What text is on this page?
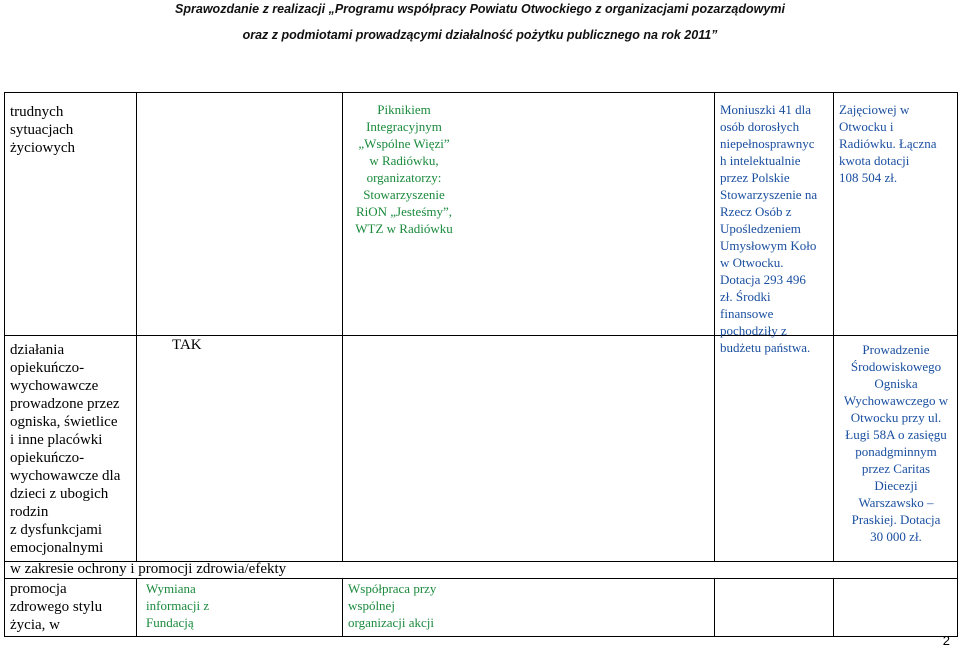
Sprawozdanie z realizacji „Programu współpracy Powiatu Otwockiego z organizacjami pozarządowymi
oraz z podmiotami prowadzącymi działalność pożytku publicznego na rok 2011”
trudnych
sytuacjach
życiowych
Piknikiem
Integracyjnym
„Wspólne Więzi”
w Radiówku,
organizatorzy:
Stowarzyszenie
RiON „Jesteśmy”,
WTZ w Radiówku
Moniuszki 41 dla
osób dorosłych
niepełnosprawnyc
h intelektualnie
przez Polskie
Stowarzyszenie na
Rzecz Osób z
Upośledzeniem
Umysłowym Koło
w Otwocku.
Dotacja 293 496
zł. Środki
finansowe
pochodziły z
budżetu państwa.
Zajęciowej w
Otwocku i
Radiówku. Łączna
kwota dotacji
108 504 zł.
działania
opiekuńczo-
wychowawcze
prowadzone przez
ogniska, świetlice
i inne placówki
opiekuńczo-
wychowawcze dla
dzieci z ubogich
rodzin
z dysfunkcjami
emocjonalnymi
TAK	Prowadzenie
Środowiskowego
Ogniska
Wychowawczego w
Otwocku przy ul.
Ługi 58A o zasięgu
ponadgminnym
przez Caritas
Diecezji
Warszawsko –
Praskiej. Dotacja
30 000 zł.
w zakresie ochrony i promocji zdrowia/efekty
promocja
zdrowego stylu
życia, w
Wymiana
informacji z
Fundacją
Współpraca przy
wspólnej
organizacji akcji
2
